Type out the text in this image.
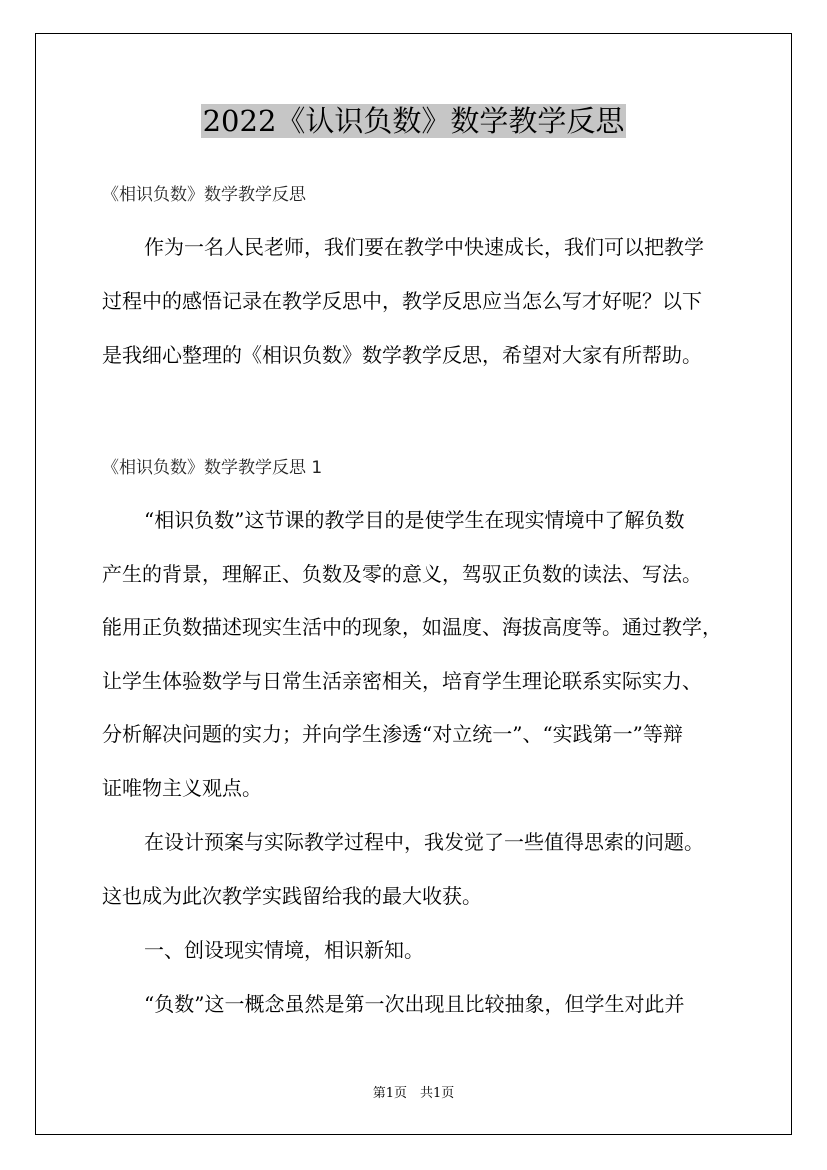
2022《认识负数》数学教学反思

《相识负数》数学教学反思

作为一名人民老师，我们要在教学中快速成长，我们可以把教学

过程中的感悟记录在教学反思中，教学反思应当怎么写才好呢？以下

是我细心整理的《相识负数》数学教学反思，希望对大家有所帮助。

《相识负数》数学教学反思 1

“相识负数”这节课的教学目的是使学生在现实情境中了解负数

产生的背景，理解正、负数及零的意义，驾驭正负数的读法、写法。

能用正负数描述现实生活中的现象，如温度、海拔高度等。通过教学，

让学生体验数学与日常生活亲密相关，培育学生理论联系实际实力、

分析解决问题的实力；并向学生渗透“对立统一”、“实践第一”等辩

证唯物主义观点。

在设计预案与实际教学过程中，我发觉了一些值得思索的问题。

这也成为此次教学实践留给我的最大收获。

一、创设现实情境，相识新知。

“负数”这一概念虽然是第一次出现且比较抽象，但学生对此并

第1页　共1页
